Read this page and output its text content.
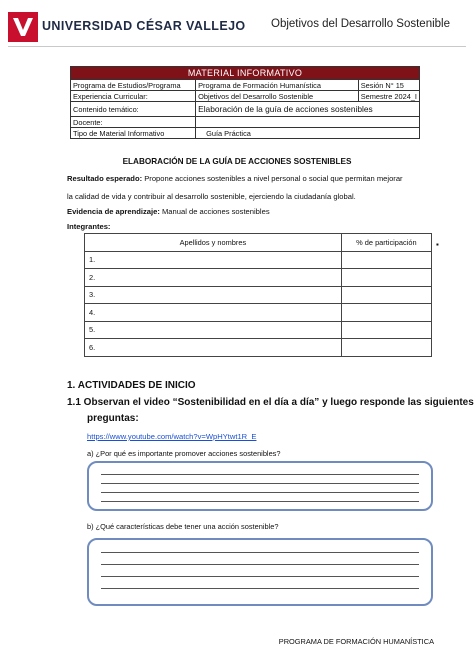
UNIVERSIDAD CÉSAR VALLEJO Objetivos del Desarrollo Sostenible
MATERIAL INFORMATIVO		
Programa de Estudios/Programa	Programa de Formación Humanística	Sesión N° 15
Experiencia Curricular:	Objetivos del Desarrollo Sostenible	Semestre 2024_I
Contenido temático:	Elaboración de la guía de acciones sostenibles	
Docente:		
Tipo de Material Informativo	Guía Práctica	
ELABORACIÓN DE LA GUÍA DE ACCIONES SOSTENIBLES
Resultado esperado: Propone acciones sostenibles a nivel personal o social que permitan mejorar
la calidad de vida y contribuir al desarrollo sostenible, ejerciendo la ciudadanía global.
Evidencia de aprendizaje: Manual de acciones sostenibles
Integrantes:
Apellidos y nombres	% de participación
1.	
2.	
3.	
4.	
5.	
6.	
▪
1. ACTIVIDADES DE INICIO
1.1 Observan el video “Sostenibilidad en el día a día” y luego responde las siguientes
preguntas:
https://www.youtube.com/watch?v=WpHYtwt1R_E
a) ¿Por qué es importante promover acciones sostenibles?
b) ¿Qué características debe tener una acción sostenible?
PROGRAMA DE FORMACIÓN HUMANÍSTICA
